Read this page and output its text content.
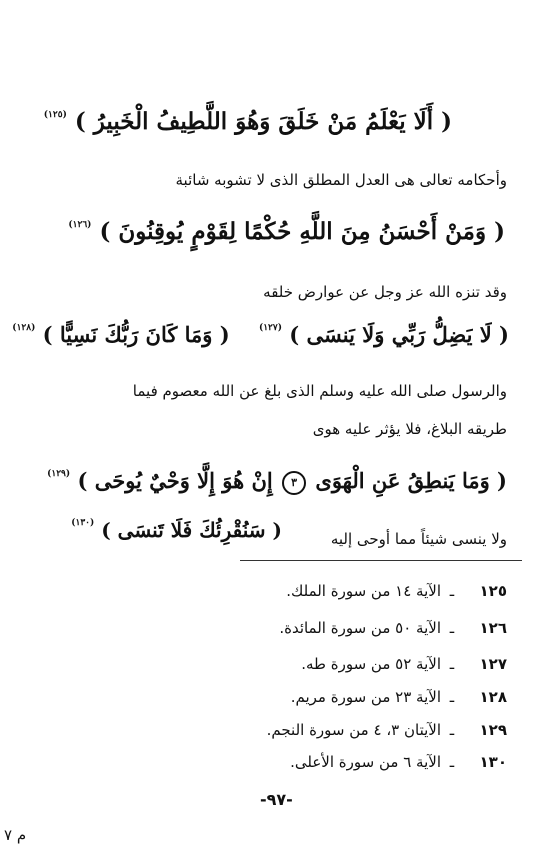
( أَلَا يَعْلَمُ مَنْ خَلَقَ وَهُوَ اللَّطِيفُ الْخَبِيرُ ) $^{(١٢٥)}$
وأحكامه تعالى هى العدل المطلق الذى لا تشوبه شائبة
( وَمَنْ أَحْسَنُ مِنَ اللَّهِ حُكْمًا لِقَوْمٍ يُوقِنُونَ ) $^{(١٢٦)}$
وقد تنزه الله عز وجل عن عوارض خلقه
( لَا يَضِلُّ رَبِّي وَلَا يَنسَى ) $^{(١٢٧)}$    ( وَمَا كَانَ رَبُّكَ نَسِيًّا ) $^{(١٢٨)}$
والرسول صلى الله عليه وسلم الذى بلغ عن الله معصوم فيما
طريقه البلاغ، فلا يؤثر عليه هوى
( وَمَا يَنطِقُ عَنِ الْهَوَى ٣ إِنْ هُوَ إِلَّا وَحْيٌ يُوحَى ) $^{(١٢٩)}$
ولا ينسى شيئاً مما أوحى إليه
( سَنُقْرِئُكَ فَلَا تَنسَى ) $^{(١٣٠)}$
١٢٥ـالآية ١٤ من سورة الملك.
١٢٦ـالآية ٥٠ من سورة المائدة.
١٢٧ـالآية ٥٢ من سورة طه.
١٢٨ـالآية ٢٣ من سورة مريم.
١٢٩ـالآيتان ٣، ٤ من سورة النجم.
١٣٠ـالآية ٦ من سورة الأعلى.
-٩٧-
م ٧
